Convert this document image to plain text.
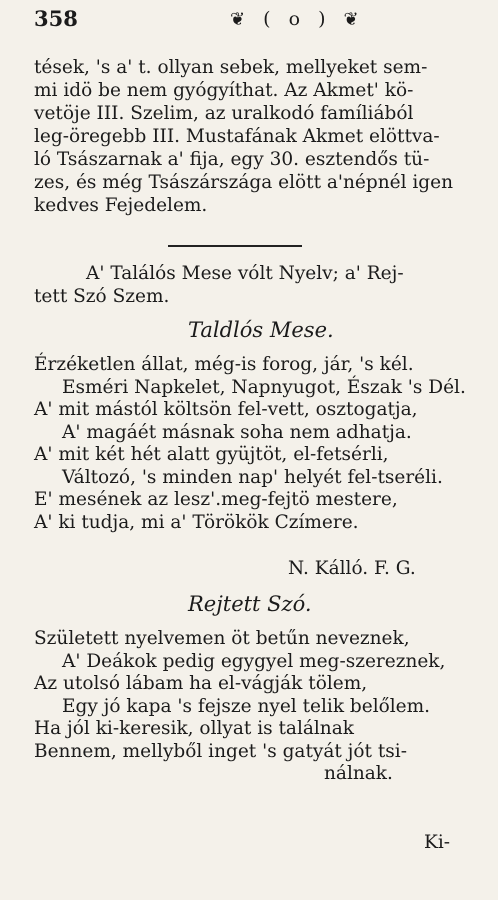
358	❦ ( o ) ❦
tések, 's a' t. ollyan sebek, mellyeket sem-
mi idö be nem gyógyíthat. Az Akmet' kö-
vetöje III. Szelim, az uralkodó famíliából
leg-öregebb III. Mustafának Akmet elöttva-
ló Tsászarnak a' fija, egy 30. esztendős tü-
zes, és még Tsászárszága elött a'népnél igen
kedves Fejedelem.
A' Találós Mese vólt Nyelv; a' Rej-
tett Szó Szem.
Taldlós Mese.
Érzéketlen állat, még-is forog, jár, 's kél.
Esméri Napkelet, Napnyugot, Észak 's Dél.
A' mit mástól költsön fel-vett, osztogatja,
A' magáét másnak soha nem adhatja.
A' mit két hét alatt gyüjtöt, el-fetsérli,
Változó, 's minden nap' helyét fel-tseréli.
E' mesének az lesz'.meg-fejtö mestere,
A' ki tudja, mi a' Törökök Czímere.
N. Kálló. F. G.
Rejtett Szó.
Született nyelvemen öt betűn neveznek,
A' Deákok pedig egygyel meg-szereznek,
Az utolsó lábam ha el-vágják tölem,
Egy jó kapa 's fejsze nyel telik belőlem.
Ha jól ki-keresik, ollyat is találnak
Bennem, mellyből inget 's gatyát jót tsi-
nálnak.
Ki-
